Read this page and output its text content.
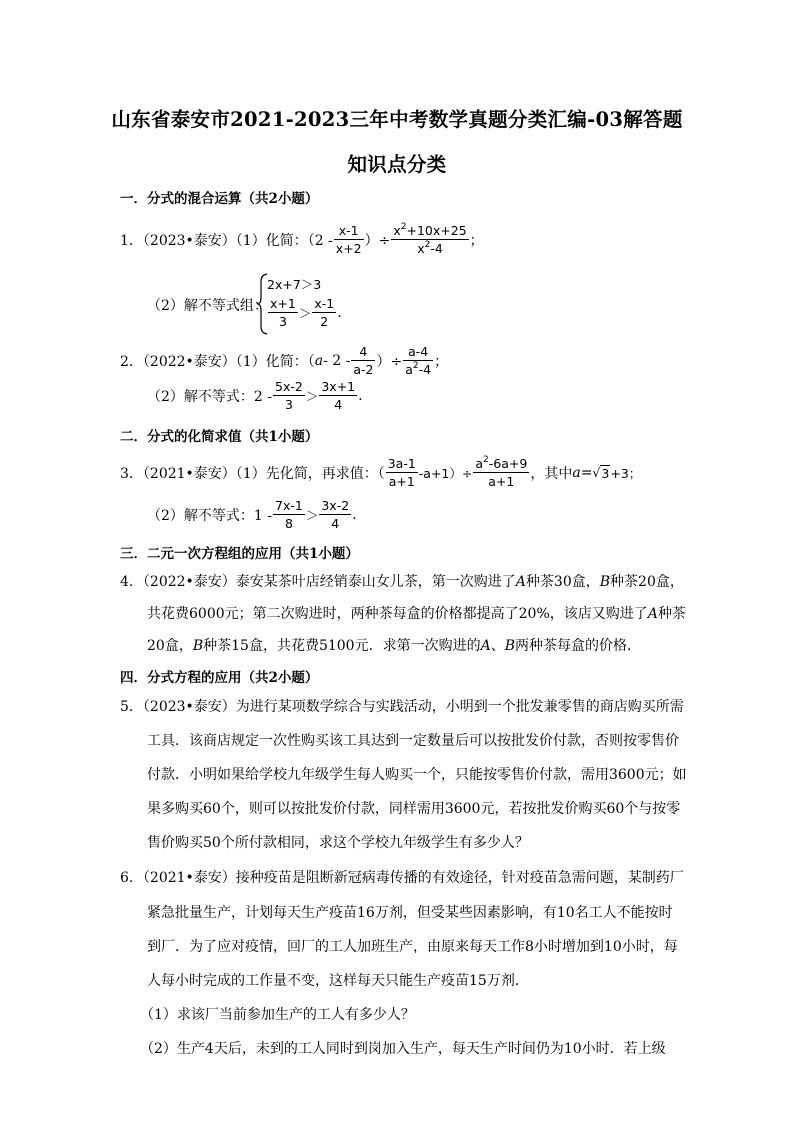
山东省泰安市2021-2023三年中考数学真题分类汇编-03解答题
知识点分类
一．分式的混合运算（共2小题）
1．（2023•泰安）（1）化简：（$2 - \frac{x-1}{x+2}$ ）÷ $\frac{x^2+10x+25}{x^2-4}$ ；
（2）解不等式组：
2x+7＞3
$\frac{x+1}{3} > \frac{x-1}{2}$ .
2．（2022•泰安）（1）化简：（ a - $2 - \frac{4}{a-2}$ ）÷ $\frac{a-4}{a^2-4}$ ；
（2）解不等式：$2 - \frac{5x-2}{3} > \frac{3x+1}{4}$ .
二．分式的化简求值（共1小题）
3．（2021•泰安）（1）先化简，再求值：（ $\frac{3a-1}{a+1} -a+1)\div \frac{a^2-6a+9}{a+1}$ ，其中 a = √ 3 +3；
（2）解不等式：$1 - \frac{7x-1}{8} > \frac{3x-2}{4}$ .
三．二元一次方程组的应用（共1小题）
4．（2022•泰安）泰安某茶叶店经销泰山女儿茶，第一次购进了A种茶30盒，B种茶20盒，
共花费6000元；第二次购进时，两种茶每盒的价格都提高了20%，该店又购进了A种茶
20盒，B种茶15盒，共花费5100元．求第一次购进的A、B两种茶每盒的价格．
四．分式方程的应用（共2小题）
5．（2023•泰安）为进行某项数学综合与实践活动，小明到一个批发兼零售的商店购买所需
工具．该商店规定一次性购买该工具达到一定数量后可以按批发价付款，否则按零售价
付款．小明如果给学校九年级学生每人购买一个，只能按零售价付款，需用3600元；如
果多购买60个，则可以按批发价付款，同样需用3600元，若按批发价购买60个与按零
售价购买50个所付款相同，求这个学校九年级学生有多少人？
6．（2021•泰安）接种疫苗是阻断新冠病毒传播的有效途径，针对疫苗急需问题，某制药厂
紧急批量生产，计划每天生产疫苗16万剂，但受某些因素影响，有10名工人不能按时
到厂．为了应对疫情，回厂的工人加班生产，由原来每天工作8小时增加到10小时，每
人每小时完成的工作量不变，这样每天只能生产疫苗15万剂．
（1）求该厂当前参加生产的工人有多少人？
（2）生产4天后，未到的工人同时到岗加入生产，每天生产时间仍为10小时．若上级
